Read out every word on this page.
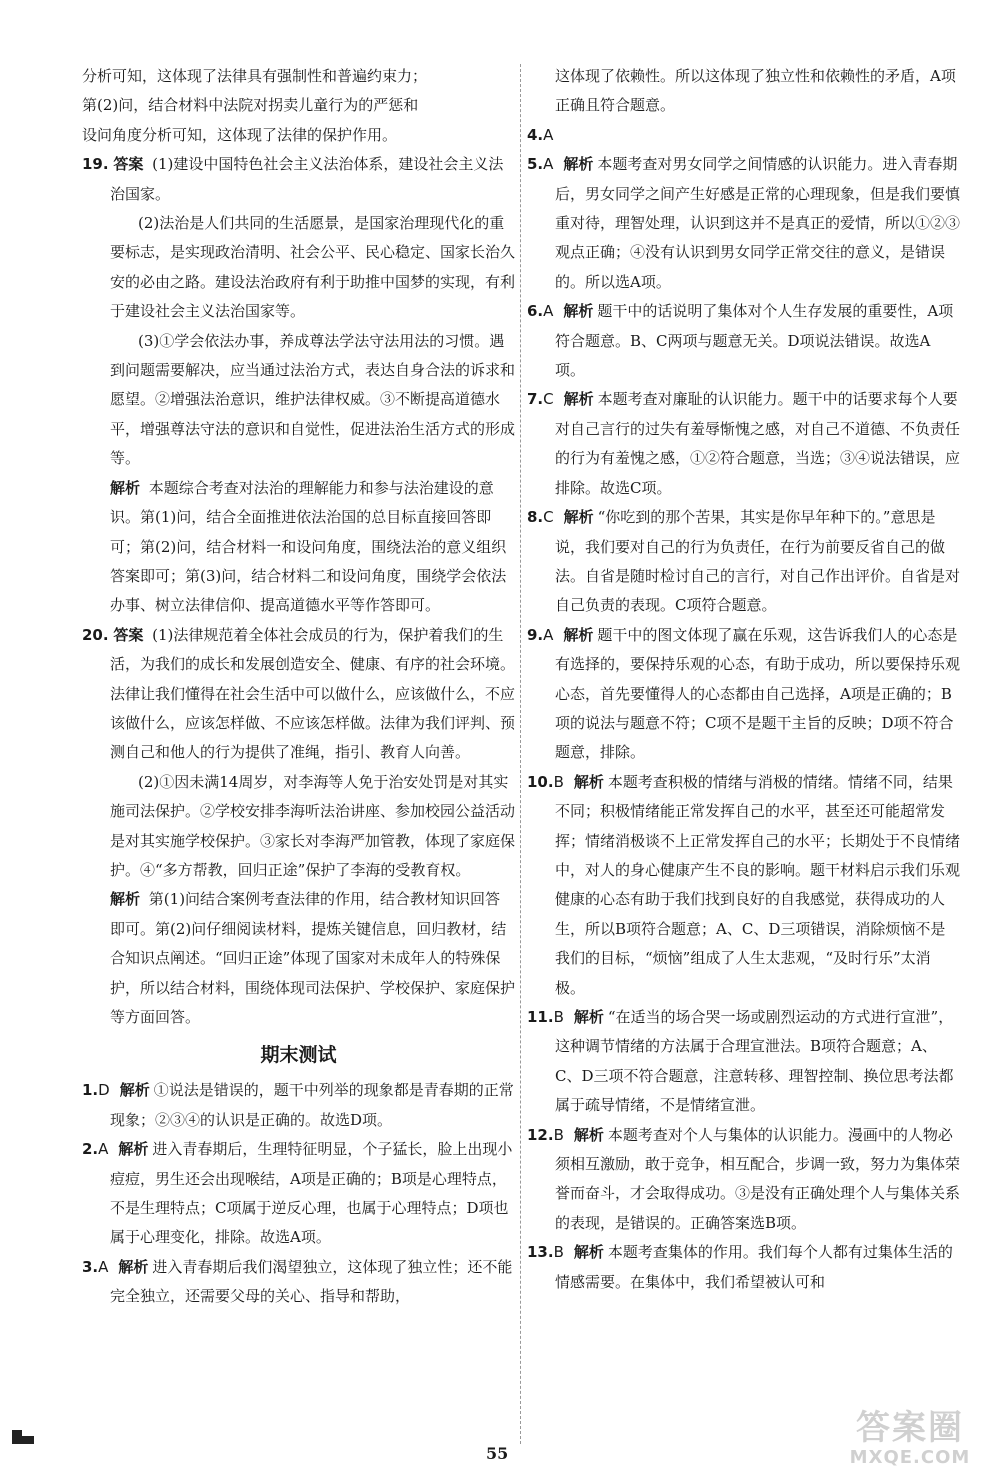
分析可知，这体现了法律具有强制性和普遍约束力；
第(2)问，结合材料中法院对拐卖儿童行为的严惩和
设问角度分析可知，这体现了法律的保护作用。
19. 答案 (1)建设中国特色社会主义法治体系，建设社会主义法治国家。

(2)法治是人们共同的生活愿景，是国家治理现代化的重要标志，是实现政治清明、社会公平、民心稳定、国家长治久安的必由之路。建设法治政府有利于助推中国梦的实现，有利于建设社会主义法治国家等。

(3)①学会依法办事，养成尊法学法守法用法的习惯。遇到问题需要解决，应当通过法治方式，表达自身合法的诉求和愿望。②增强法治意识，维护法律权威。③不断提高道德水平，增强尊法守法的意识和自觉性，促进法治生活方式的形成等。

解析 本题综合考查对法治的理解能力和参与法治建设的意识。第(1)问，结合全面推进依法治国的总目标直接回答即可；第(2)问，结合材料一和设问角度，围绕法治的意义组织答案即可；第(3)问，结合材料二和设问角度，围绕学会依法办事、树立法律信仰、提高道德水平等作答即可。

20. 答案 (1)法律规范着全体社会成员的行为，保护着我们的生活，为我们的成长和发展创造安全、健康、有序的社会环境。法律让我们懂得在社会生活中可以做什么，应该做什么，不应该做什么，应该怎样做、不应该怎样做。法律为我们评判、预测自己和他人的行为提供了准绳，指引、教育人向善。

(2)①因未满14周岁，对李海等人免于治安处罚是对其实施司法保护。②学校安排李海听法治讲座、参加校园公益活动是对其实施学校保护。③家长对李海严加管教，体现了家庭保护。④“多方帮教，回归正途”保护了李海的受教育权。

解析 第(1)问结合案例考查法律的作用，结合教材知识回答即可。第(2)问仔细阅读材料，提炼关键信息，回归教材，结合知识点阐述。“回归正途”体现了国家对未成年人的特殊保护，所以结合材料，围绕体现司法保护、学校保护、家庭保护等方面回答。

期末测试
1.D 解析 ①说法是错误的，题干中列举的现象都是青春期的正常现象；②③④的认识是正确的。故选D项。
2.A 解析 进入青春期后，生理特征明显，个子猛长，脸上出现小痘痘，男生还会出现喉结，A项是正确的；B项是心理特点，不是生理特点；C项属于逆反心理，也属于心理特点；D项也属于心理变化，排除。故选A项。
3.A 解析 进入青春期后我们渴望独立，这体现了独立性；还不能完全独立，还需要父母的关心、指导和帮助，

这体现了依赖性。所以这体现了独立性和依赖性的矛盾，A项正确且符合题意。

4.A
5.A 解析 本题考查对男女同学之间情感的认识能力。进入青春期后，男女同学之间产生好感是正常的心理现象，但是我们要慎重对待，理智处理，认识到这并不是真正的爱情，所以①②③观点正确；④没有认识到男女同学正常交往的意义，是错误的。所以选A项。
6.A 解析 题干中的话说明了集体对个人生存发展的重要性，A项符合题意。B、C两项与题意无关。D项说法错误。故选A项。
7.C 解析 本题考查对廉耻的认识能力。题干中的话要求每个人要对自己言行的过失有羞辱惭愧之感，对自己不道德、不负责任的行为有羞愧之感，①②符合题意，当选；③④说法错误，应排除。故选C项。
8.C 解析 “你吃到的那个苦果，其实是你早年种下的。”意思是说，我们要对自己的行为负责任，在行为前要反省自己的做法。自省是随时检讨自己的言行，对自己作出评价。自省是对自己负责的表现。C项符合题意。
9.A 解析 题干中的图文体现了赢在乐观，这告诉我们人的心态是有选择的，要保持乐观的心态，有助于成功，所以要保持乐观心态，首先要懂得人的心态都由自己选择，A项是正确的；B项的说法与题意不符；C项不是题干主旨的反映；D项不符合题意，排除。
10.B 解析 本题考查积极的情绪与消极的情绪。情绪不同，结果不同；积极情绪能正常发挥自己的水平，甚至还可能超常发挥；情绪消极谈不上正常发挥自己的水平；长期处于不良情绪中，对人的身心健康产生不良的影响。题干材料启示我们乐观健康的心态有助于我们找到良好的自我感觉，获得成功的人生，所以B项符合题意；A、C、D三项错误，消除烦恼不是我们的目标，“烦恼”组成了人生太悲观，“及时行乐”太消极。
11.B 解析 “在适当的场合哭一场或剧烈运动的方式进行宣泄”，这种调节情绪的方法属于合理宣泄法。B项符合题意；A、C、D三项不符合题意，注意转移、理智控制、换位思考法都属于疏导情绪，不是情绪宣泄。
12.B 解析 本题考查对个人与集体的认识能力。漫画中的人物必须相互激励，敢于竞争，相互配合，步调一致，努力为集体荣誉而奋斗，才会取得成功。③是没有正确处理个人与集体关系的表现，是错误的。正确答案选B项。
13.B 解析 本题考查集体的作用。我们每个人都有过集体生活的情感需要。在集体中，我们希望被认可和
55
答案圈
MXQE.COM
